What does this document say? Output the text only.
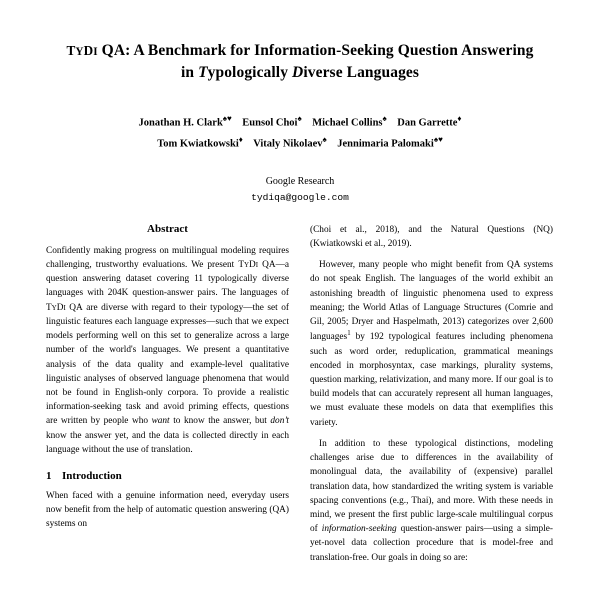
TYDI QA: A Benchmark for Information-Seeking Question Answering
in Typologically Diverse Languages
Jonathan H. Clark♠♥ Eunsol Choi♠ Michael Collins♠ Dan Garrette♦
Tom Kwiatkowski♦ Vitaly Nikolaev♠ Jennimaria Palomaki♠♥
Google Research
tydiqa@google.com
Abstract

Confidently making progress on multilingual modeling requires challenging, trustworthy evaluations. We present TyDi QA—a question answering dataset covering 11 typologically diverse languages with 204K question-answer pairs. The languages of TyDi QA are diverse with regard to their typology—the set of linguistic features each language expresses—such that we expect models performing well on this set to generalize across a large number of the world's languages. We present a quantitative analysis of the data quality and example-level qualitative linguistic analyses of observed language phenomena that would not be found in English-only corpora. To provide a realistic information-seeking task and avoid priming effects, questions are written by people who want to know the answer, but don’t know the answer yet, and the data is collected directly in each language without the use of translation.

1 Introduction

When faced with a genuine information need, everyday users now benefit from the help of automatic question answering (QA) systems on

(Choi et al., 2018), and the Natural Questions (NQ) (Kwiatkowski et al., 2019).

However, many people who might benefit from QA systems do not speak English. The languages of the world exhibit an astonishing breadth of linguistic phenomena used to express meaning; the World Atlas of Language Structures (Comrie and Gil, 2005; Dryer and Haspelmath, 2013) categorizes over 2,600 languages$^1$ by 192 typological features including phenomena such as word order, reduplication, grammatical meanings encoded in morphosyntax, case markings, plurality systems, question marking, relativization, and many more. If our goal is to build models that can accurately represent all human languages, we must evaluate these models on data that exemplifies this variety.

In addition to these typological distinctions, modeling challenges arise due to differences in the availability of monolingual data, the availability of (expensive) parallel translation data, how standardized the writing system is variable spacing conventions (e.g., Thai), and more. With these needs in mind, we present the first public large-scale multilingual corpus of information-seeking question-answer pairs—using a simple-yet-novel data collection procedure that is model-free and translation-free. Our goals in doing so are:
